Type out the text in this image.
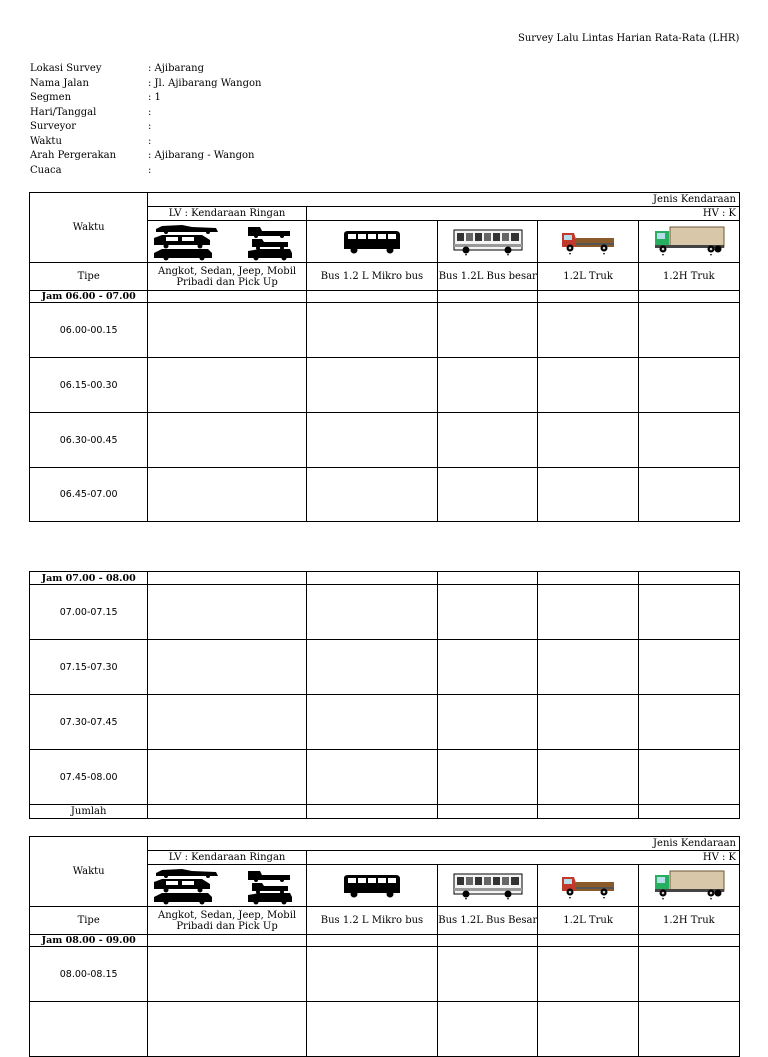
Survey Lalu Lintas Harian Rata-Rata (LHR)
Lokasi Survey	: Ajibarang
Nama Jalan	: Jl. Ajibarang Wangon
Segmen	: 1
Hari/Tanggal	:
Surveyor	:
Waktu	:
Arah Pergerakan	: Ajibarang - Wangon
Cuaca	:
Waktu	Jenis Kendaraan				
	LV : Kendaraan Ringan	HV : K			

Tipe	Angkot, Sedan, Jeep, Mobil Pribadi dan Pick Up	Bus 1.2 L Mikro bus	Bus 1.2L Bus besar	1.2L Truk	1.2H Truk
Jam 06.00 - 07.00					
06.00-00.15					
06.15-00.30					
06.30-00.45					
06.45-07.00					
Jam 07.00 - 08.00					
07.00-07.15					
07.15-07.30					
07.30-07.45					
07.45-08.00					
Jumlah					
Waktu	Jenis Kendaraan				
	LV : Kendaraan Ringan	HV : K			

Tipe	Angkot, Sedan, Jeep, Mobil Pribadi dan Pick Up	Bus 1.2 L Mikro bus	Bus 1.2L Bus Besar	1.2L Truk	1.2H Truk
Jam 08.00 - 09.00					
08.00-08.15					
